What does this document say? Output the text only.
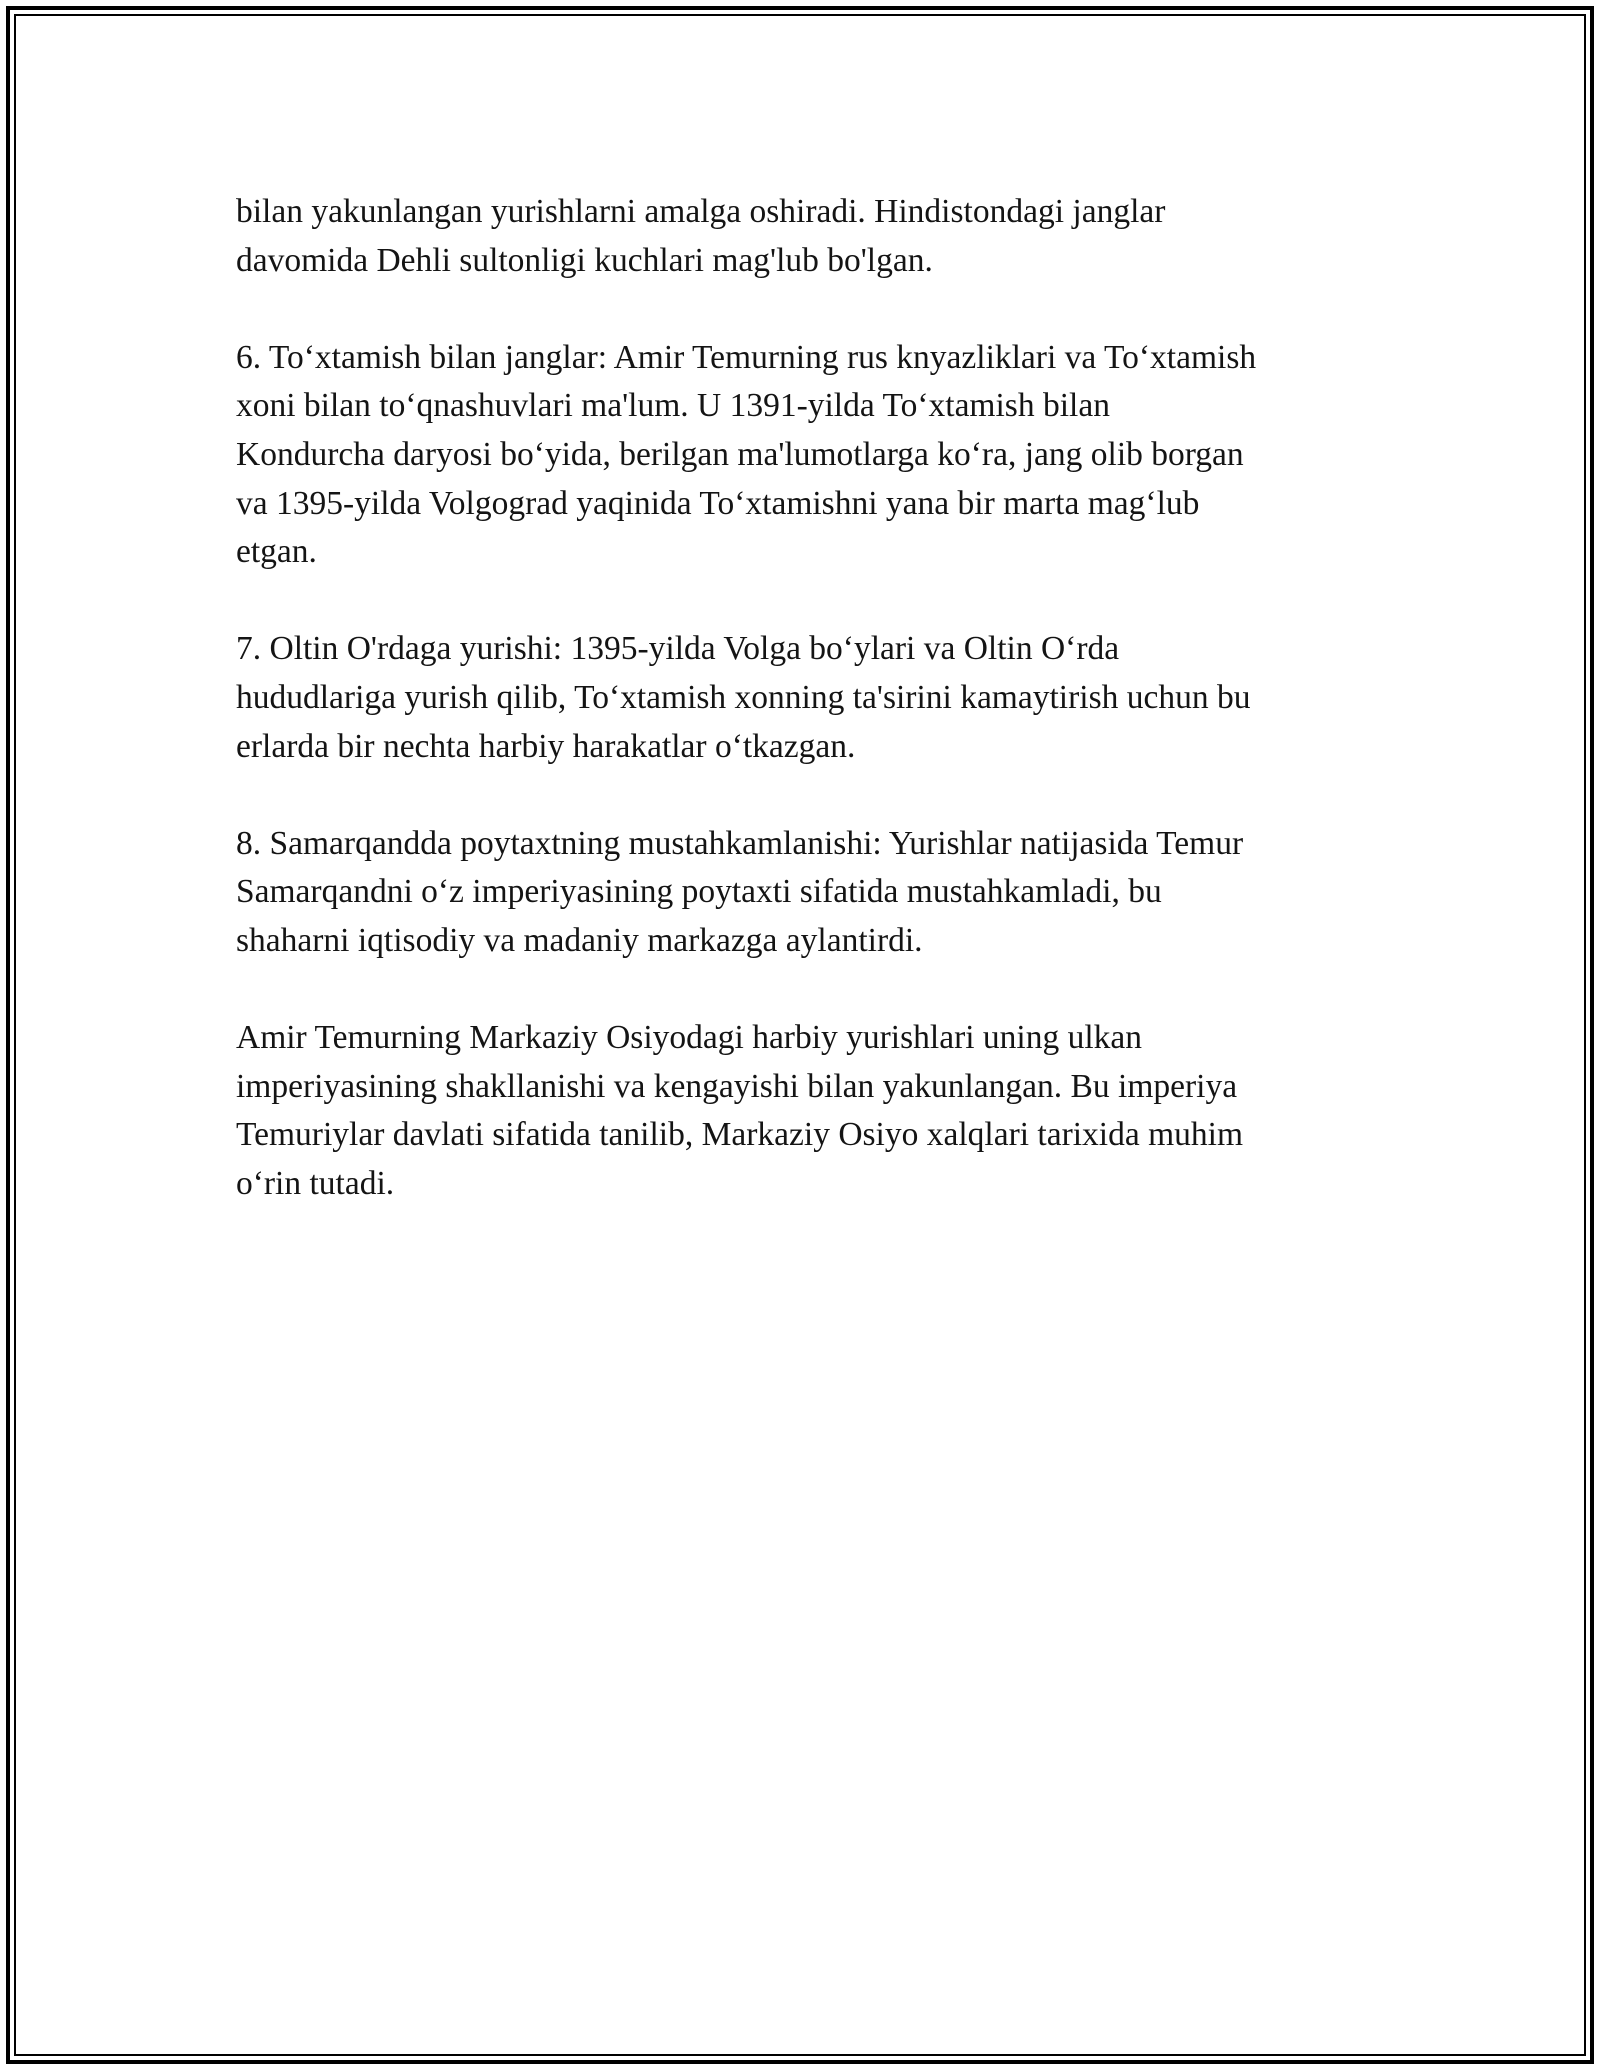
bilan yakunlangan yurishlarni amalga oshiradi. Hindistondagi janglar
davomida Dehli sultonligi kuchlari mag'lub bo'lgan.

6. To‘xtamish bilan janglar: Amir Temurning rus knyazliklari va To‘xtamish
xoni bilan to‘qnashuvlari ma'lum. U 1391-yilda To‘xtamish bilan
Kondurcha daryosi bo‘yida, berilgan ma'lumotlarga ko‘ra, jang olib borgan
va 1395-yilda Volgograd yaqinida To‘xtamishni yana bir marta mag‘lub
etgan.

7. Oltin O'rdaga yurishi: 1395-yilda Volga bo‘ylari va Oltin O‘rda
hududlariga yurish qilib, To‘xtamish xonning ta'sirini kamaytirish uchun bu
erlarda bir nechta harbiy harakatlar o‘tkazgan.

8. Samarqandda poytaxtning mustahkamlanishi: Yurishlar natijasida Temur
Samarqandni o‘z imperiyasining poytaxti sifatida mustahkamladi, bu
shaharni iqtisodiy va madaniy markazga aylantirdi.

Amir Temurning Markaziy Osiyodagi harbiy yurishlari uning ulkan
imperiyasining shakllanishi va kengayishi bilan yakunlangan. Bu imperiya
Temuriylar davlati sifatida tanilib, Markaziy Osiyo xalqlari tarixida muhim
o‘rin tutadi.
